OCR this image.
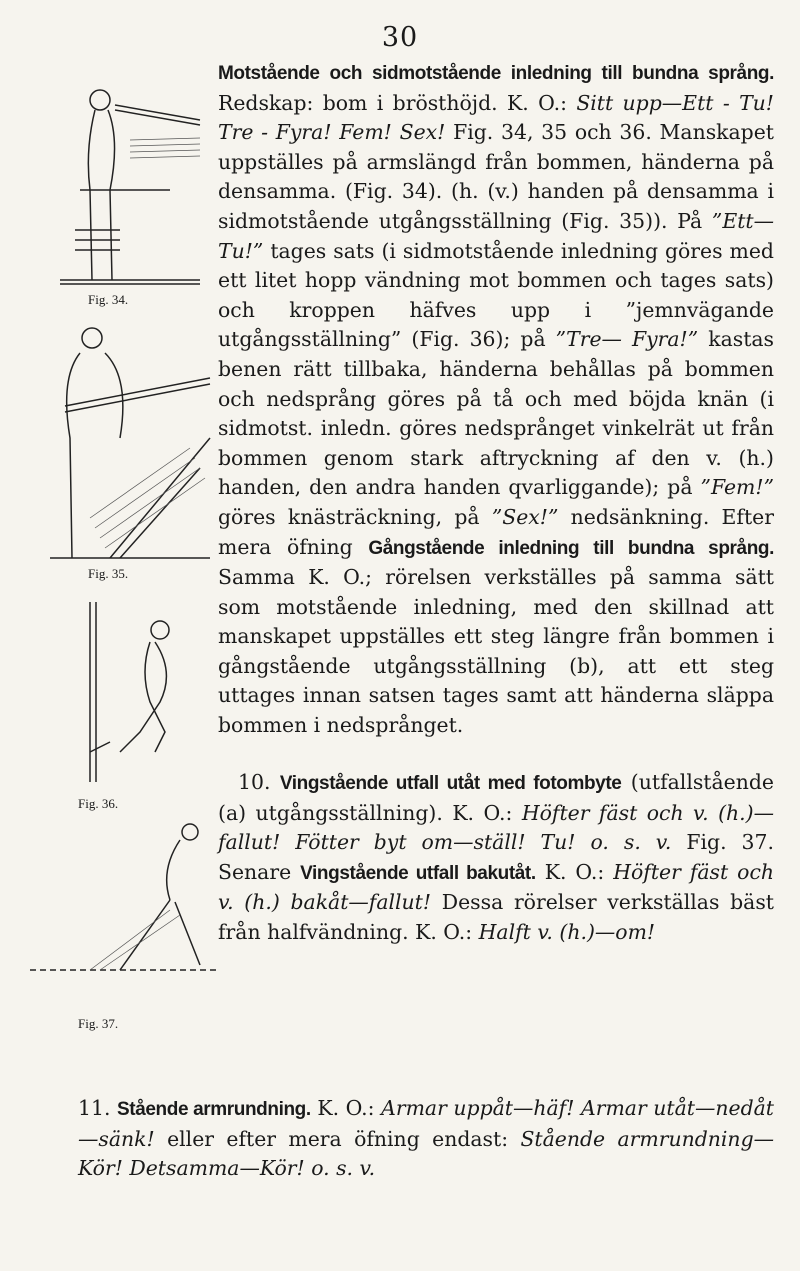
30
Fig. 34.
Fig. 35.
Fig. 36.
Fig. 37.

Motstående och sidmotstående inledning till bundna språng. Redskap: bom i brösthöjd. K. O.: Sitt upp—Ett - Tu! Tre - Fyra! Fem! Sex! Fig. 34, 35 och 36. Manskapet uppställes på armslängd från bommen, händerna på densamma. (Fig. 34). (h. (v.) handen på densamma i sidmotstående utgångsställning (Fig. 35)). På ”Ett— Tu!” tages sats (i sidmotstående inledning göres med ett litet hopp vändning mot bommen och tages sats) och kroppen häfves upp i ”jemnvägande utgångsställning” (Fig. 36); på ”Tre— Fyra!” kastas benen rätt tillbaka, händerna behållas på bommen och nedsprång göres på tå och med böjda knän (i sidmotst. inledn. göres nedsprånget vinkelrät ut från bommen genom stark aftryckning af den v. (h.) handen, den andra handen qvarliggande); på ”Fem!” göres knästräckning, på ”Sex!” nedsänkning. Efter mera öfning Gångstående inledning till bundna språng. Samma K. O.; rörelsen verkställes på samma sätt som motstående inledning, med den skillnad att manskapet uppställes ett steg längre från bommen i gångstående utgångsställning (b), att ett steg uttages innan satsen tages samt att händerna släppa bommen i nedsprånget.

10. Vingstående utfall utåt med fotombyte (utfallstående (a) utgångsställning). K. O.: Höfter fäst och v. (h.)—fallut! Fötter byt om—ställ! Tu! o. s. v. Fig. 37. Senare Vingstående utfall bakutåt. K. O.: Höfter fäst och v. (h.) bakåt—fallut! Dessa rörelser verkställas bäst från halfvändning. K. O.: Halft v. (h.)—om!

11. Stående armrundning. K. O.: Armar uppåt—häf! Armar utåt—nedåt—sänk! eller efter mera öfning endast: Stående armrundning—Kör! Detsamma—Kör! o. s. v.
